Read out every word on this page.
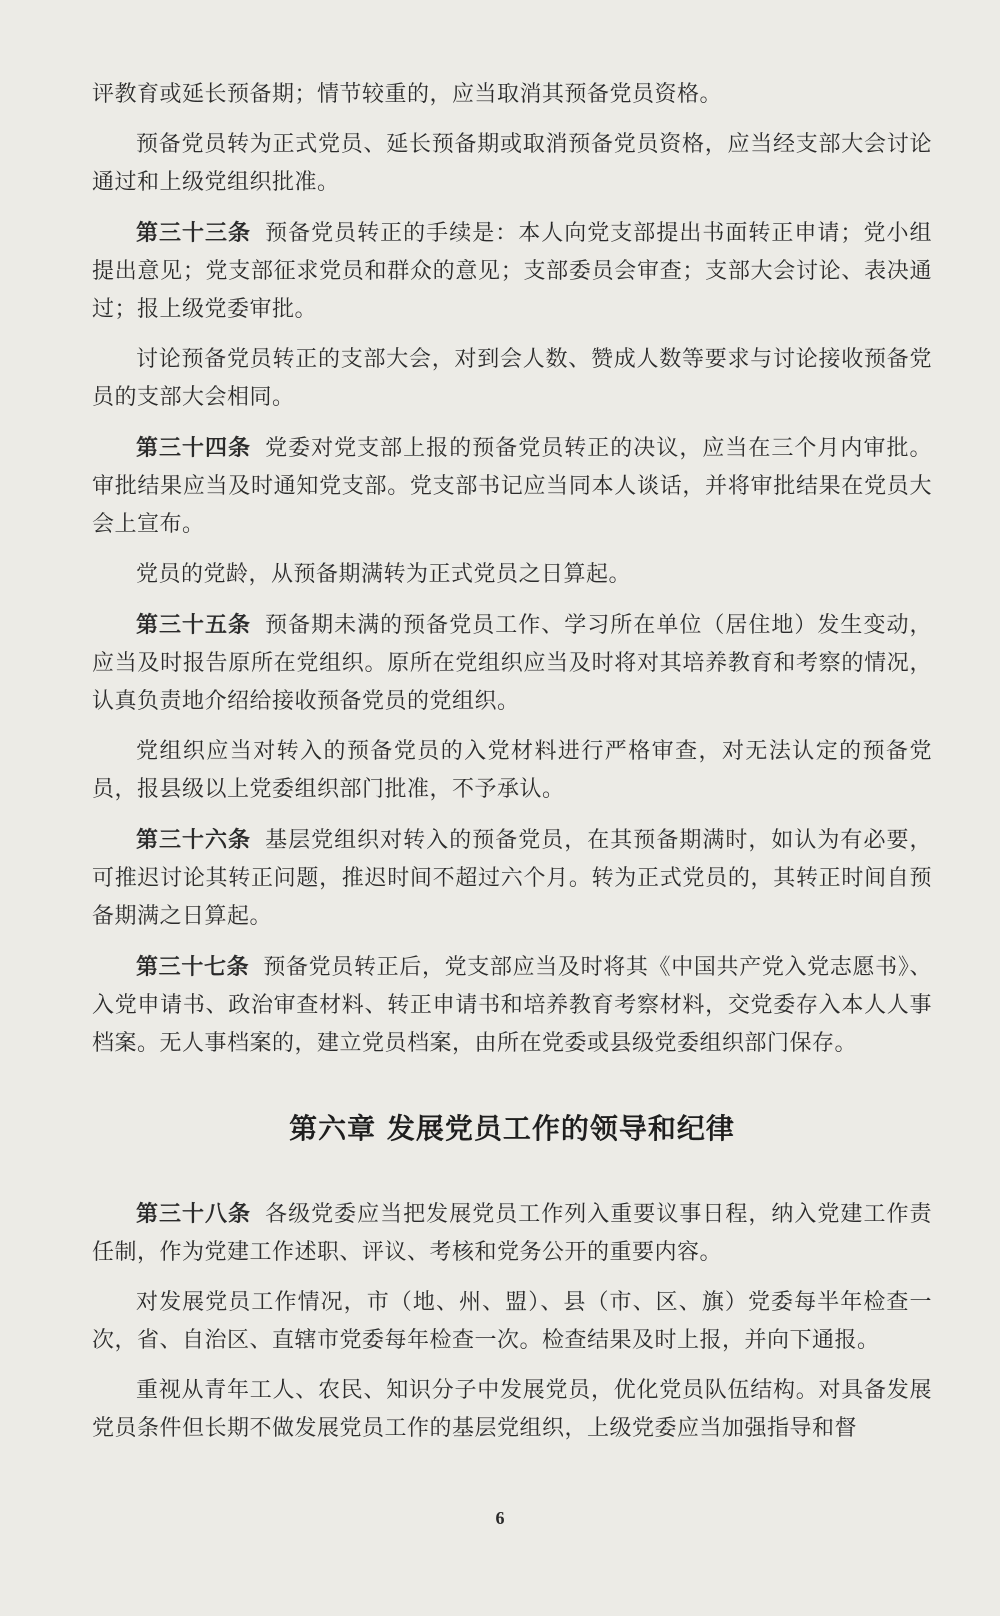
评教育或延长预备期；情节较重的，应当取消其预备党员资格。

预备党员转为正式党员、延长预备期或取消预备党员资格，应当经支部大会讨论通过和上级党组织批准。

第三十三条 预备党员转正的手续是：本人向党支部提出书面转正申请；党小组提出意见；党支部征求党员和群众的意见；支部委员会审查；支部大会讨论、表决通过；报上级党委审批。

讨论预备党员转正的支部大会，对到会人数、赞成人数等要求与讨论接收预备党员的支部大会相同。

第三十四条 党委对党支部上报的预备党员转正的决议，应当在三个月内审批。审批结果应当及时通知党支部。党支部书记应当同本人谈话，并将审批结果在党员大会上宣布。

党员的党龄，从预备期满转为正式党员之日算起。

第三十五条 预备期未满的预备党员工作、学习所在单位（居住地）发生变动，应当及时报告原所在党组织。原所在党组织应当及时将对其培养教育和考察的情况，认真负责地介绍给接收预备党员的党组织。

党组织应当对转入的预备党员的入党材料进行严格审查，对无法认定的预备党员，报县级以上党委组织部门批准，不予承认。

第三十六条 基层党组织对转入的预备党员，在其预备期满时，如认为有必要，可推迟讨论其转正问题，推迟时间不超过六个月。转为正式党员的，其转正时间自预备期满之日算起。

第三十七条 预备党员转正后，党支部应当及时将其《中国共产党入党志愿书》、入党申请书、政治审查材料、转正申请书和培养教育考察材料，交党委存入本人人事档案。无人事档案的，建立党员档案，由所在党委或县级党委组织部门保存。

第六章 发展党员工作的领导和纪律

第三十八条 各级党委应当把发展党员工作列入重要议事日程，纳入党建工作责任制，作为党建工作述职、评议、考核和党务公开的重要内容。

对发展党员工作情况，市（地、州、盟）、县（市、区、旗）党委每半年检查一次，省、自治区、直辖市党委每年检查一次。检查结果及时上报，并向下通报。

重视从青年工人、农民、知识分子中发展党员，优化党员队伍结构。对具备发展党员条件但长期不做发展党员工作的基层党组织，上级党委应当加强指导和督

6
